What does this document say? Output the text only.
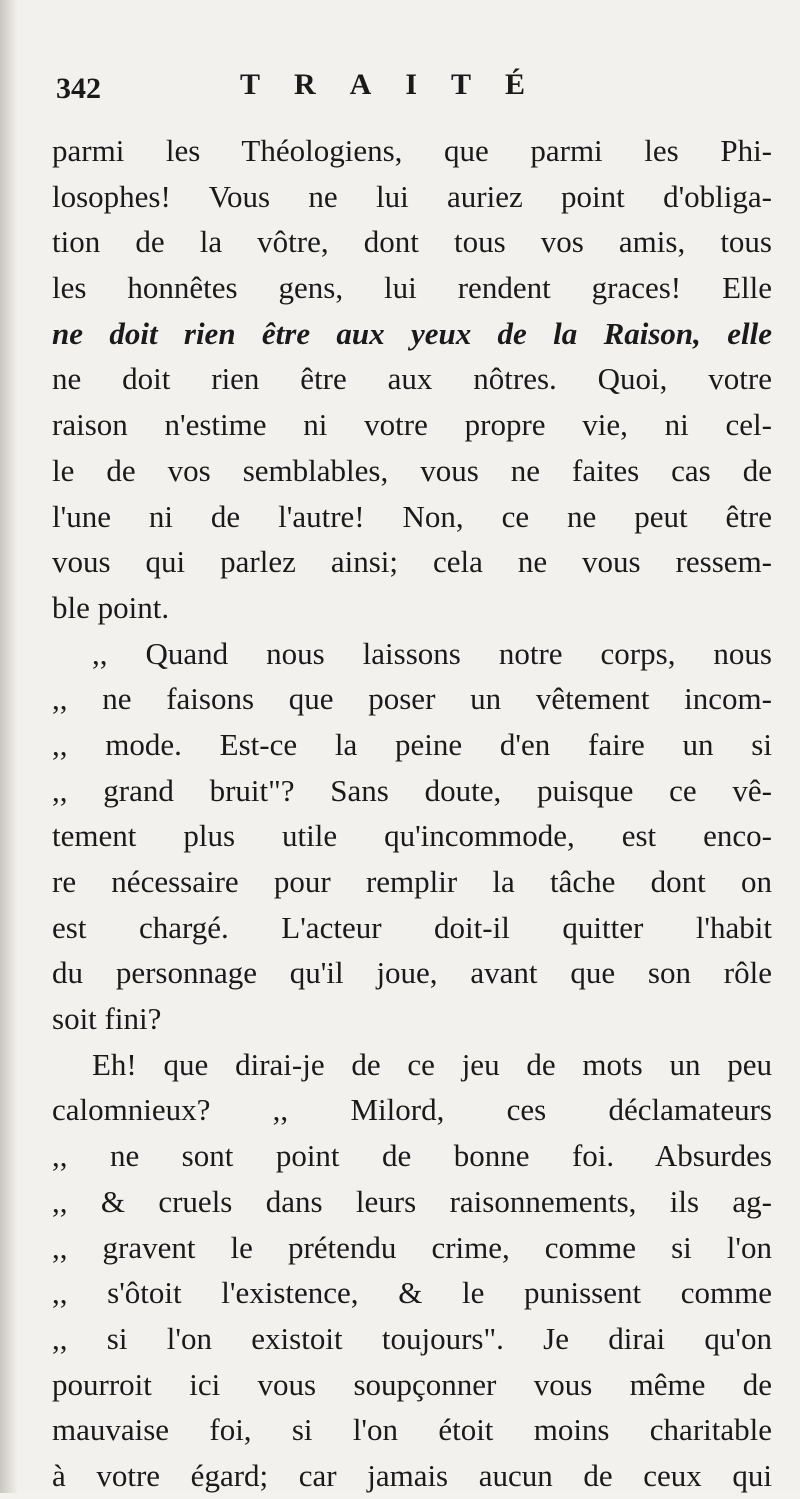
342	TRAITÉ
parmi les Théologiens, que parmi les Phi-
losophes! Vous ne lui auriez point d'obliga-
tion de la vôtre, dont tous vos amis, tous
les honnêtes gens, lui rendent graces! Elle
ne doit rien être aux yeux de la Raison, elle
ne doit rien être aux nôtres. Quoi, votre
raison n'estime ni votre propre vie, ni cel-
le de vos semblables, vous ne faites cas de
l'une ni de l'autre! Non, ce ne peut être
vous qui parlez ainsi; cela ne vous ressem-
ble point.
,, Quand nous laissons notre corps, nous
,, ne faisons que poser un vêtement incom-
,, mode. Est-ce la peine d'en faire un si
,, grand bruit"? Sans doute, puisque ce vê-
tement plus utile qu'incommode, est enco-
re nécessaire pour remplir la tâche dont on
est chargé. L'acteur doit-il quitter l'habit
du personnage qu'il joue, avant que son rôle
soit fini?
Eh! que dirai-je de ce jeu de mots un peu
calomnieux? ,, Milord, ces déclamateurs
,, ne sont point de bonne foi. Absurdes
,, & cruels dans leurs raisonnements, ils ag-
,, gravent le prétendu crime, comme si l'on
,, s'ôtoit l'existence, & le punissent comme
,, si l'on existoit toujours". Je dirai qu'on
pourroit ici vous soupçonner vous même de
mauvaise foi, si l'on étoit moins charitable
à votre égard; car jamais aucun de ceux qui
